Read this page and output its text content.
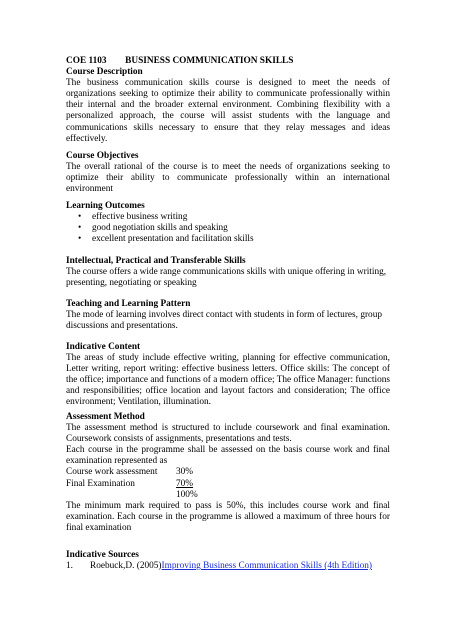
COE 1103 BUSINESS COMMUNICATION SKILLS

Course Description

The business communication skills course is designed to meet the needs of organizations seeking to optimize their ability to communicate professionally within their internal and the broader external environment. Combining flexibility with a personalized approach, the course will assist students with the language and communications skills necessary to ensure that they relay messages and ideas effectively.

Course Objectives

The overall rational of the course is to meet the needs of organizations seeking to optimize their ability to communicate professionally within an international environment

Learning Outcomes

• effective business writing
• good negotiation skills and speaking
• excellent presentation and facilitation skills

Intellectual, Practical and Transferable Skills

The course offers a wide range communications skills with unique offering in writing, presenting, negotiating or speaking

Teaching and Learning Pattern

The mode of learning involves direct contact with students in form of lectures, group discussions and presentations.

Indicative Content

The areas of study include effective writing, planning for effective communication, Letter writing, report writing: effective business letters. Office skills: The concept of the office; importance and functions of a modern office; The office Manager: functions and responsibilities; office location and layout factors and consideration; The office environment; Ventilation, illumination.

Assessment Method

The assessment method is structured to include coursework and final examination. Coursework consists of assignments, presentations and tests.

Each course in the programme shall be assessed on the basis course work and final examination represented as

Course work assessment	30%
Final Examination	70%

100%

The minimum mark required to pass is 50%, this includes course work and final examination. Each course in the programme is allowed a maximum of three hours for final examination

Indicative Sources

1.	Roebuck,D. (2005) Improving Business Communication Skills (4th Edition)
